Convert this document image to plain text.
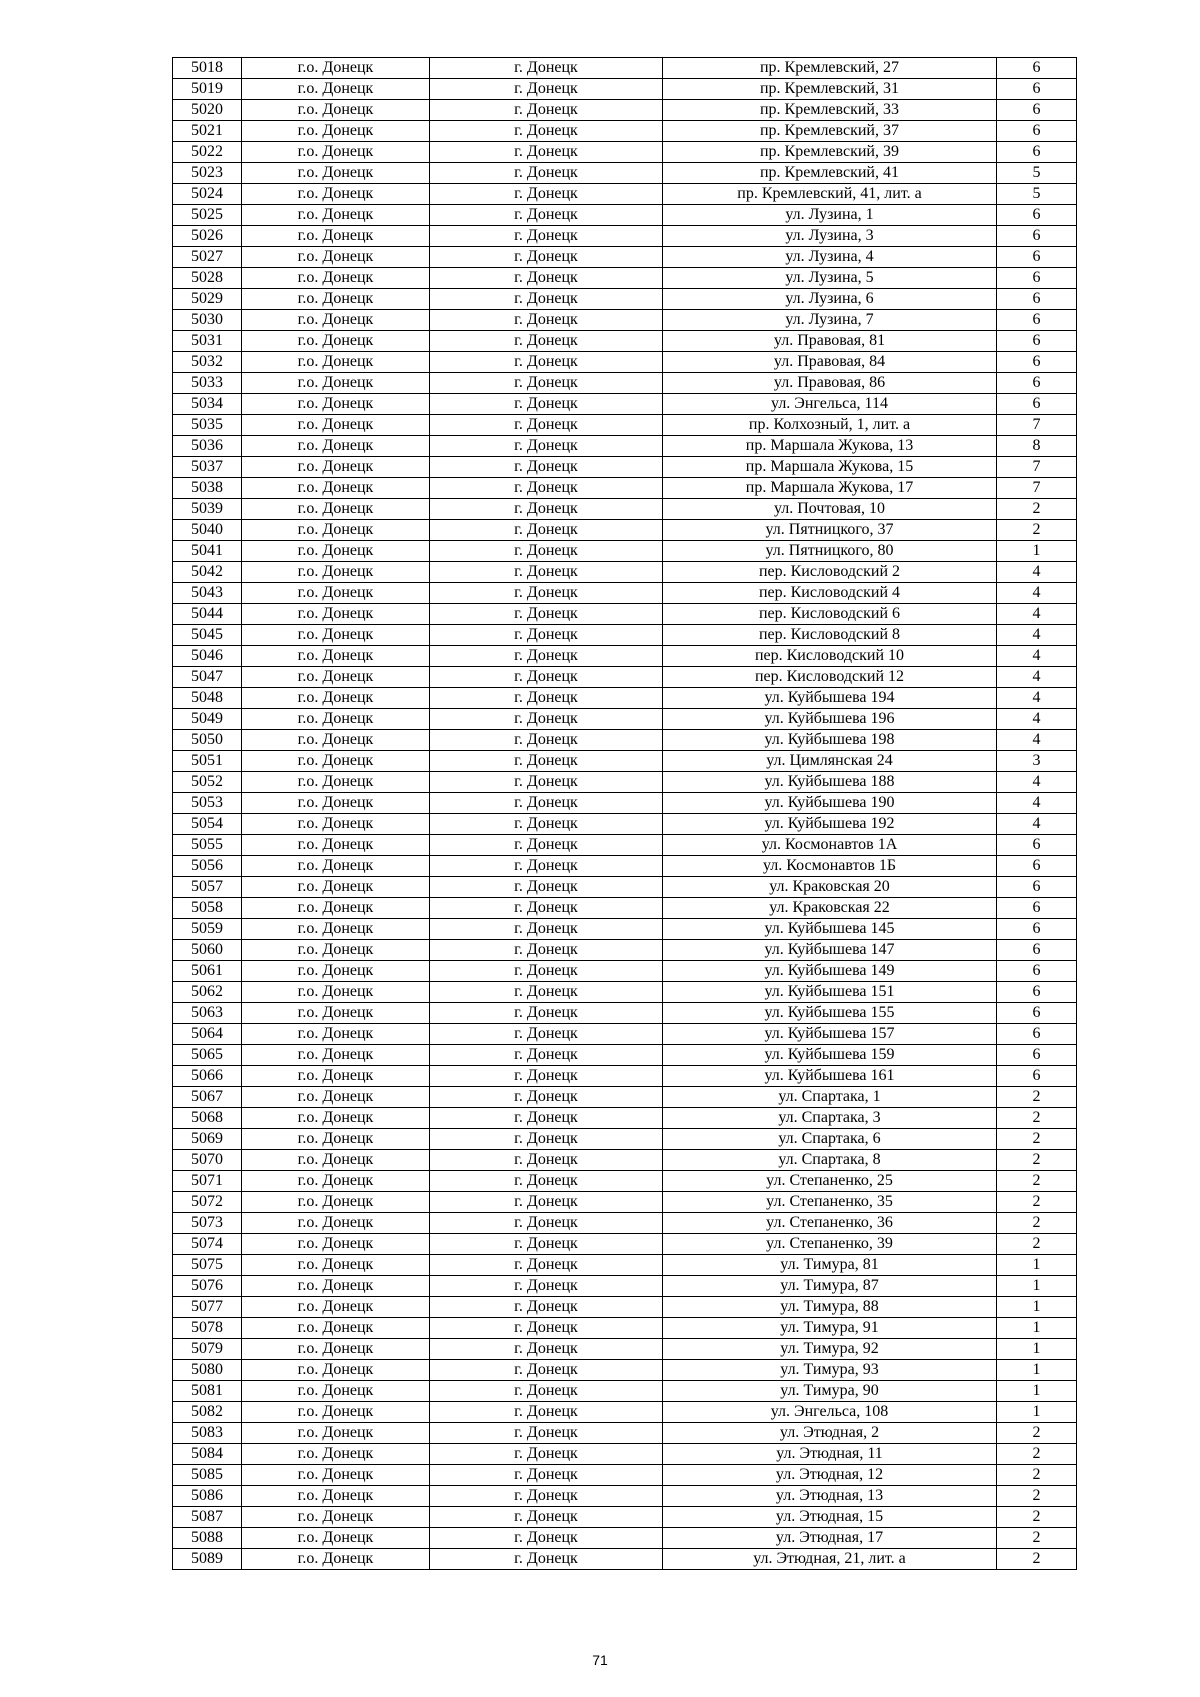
5018	г.о. Донецк	г. Донецк	пр. Кремлевский, 27	6
5019	г.о. Донецк	г. Донецк	пр. Кремлевский, 31	6
5020	г.о. Донецк	г. Донецк	пр. Кремлевский, 33	6
5021	г.о. Донецк	г. Донецк	пр. Кремлевский, 37	6
5022	г.о. Донецк	г. Донецк	пр. Кремлевский, 39	6
5023	г.о. Донецк	г. Донецк	пр. Кремлевский, 41	5
5024	г.о. Донецк	г. Донецк	пр. Кремлевский, 41, лит. а	5
5025	г.о. Донецк	г. Донецк	ул. Лузина, 1	6
5026	г.о. Донецк	г. Донецк	ул. Лузина, 3	6
5027	г.о. Донецк	г. Донецк	ул. Лузина, 4	6
5028	г.о. Донецк	г. Донецк	ул. Лузина, 5	6
5029	г.о. Донецк	г. Донецк	ул. Лузина, 6	6
5030	г.о. Донецк	г. Донецк	ул. Лузина, 7	6
5031	г.о. Донецк	г. Донецк	ул. Правовая, 81	6
5032	г.о. Донецк	г. Донецк	ул. Правовая, 84	6
5033	г.о. Донецк	г. Донецк	ул. Правовая, 86	6
5034	г.о. Донецк	г. Донецк	ул. Энгельса, 114	6
5035	г.о. Донецк	г. Донецк	пр. Колхозный, 1, лит. а	7
5036	г.о. Донецк	г. Донецк	пр. Маршала Жукова, 13	8
5037	г.о. Донецк	г. Донецк	пр. Маршала Жукова, 15	7
5038	г.о. Донецк	г. Донецк	пр. Маршала Жукова, 17	7
5039	г.о. Донецк	г. Донецк	ул. Почтовая, 10	2
5040	г.о. Донецк	г. Донецк	ул. Пятницкого, 37	2
5041	г.о. Донецк	г. Донецк	ул. Пятницкого, 80	1
5042	г.о. Донецк	г. Донецк	пер. Кисловодский 2	4
5043	г.о. Донецк	г. Донецк	пер. Кисловодский 4	4
5044	г.о. Донецк	г. Донецк	пер. Кисловодский 6	4
5045	г.о. Донецк	г. Донецк	пер. Кисловодский 8	4
5046	г.о. Донецк	г. Донецк	пер. Кисловодский 10	4
5047	г.о. Донецк	г. Донецк	пер. Кисловодский 12	4
5048	г.о. Донецк	г. Донецк	ул. Куйбышева 194	4
5049	г.о. Донецк	г. Донецк	ул. Куйбышева 196	4
5050	г.о. Донецк	г. Донецк	ул. Куйбышева 198	4
5051	г.о. Донецк	г. Донецк	ул. Цимлянская 24	3
5052	г.о. Донецк	г. Донецк	ул. Куйбышева 188	4
5053	г.о. Донецк	г. Донецк	ул. Куйбышева 190	4
5054	г.о. Донецк	г. Донецк	ул. Куйбышева 192	4
5055	г.о. Донецк	г. Донецк	ул. Космонавтов 1А	6
5056	г.о. Донецк	г. Донецк	ул. Космонавтов 1Б	6
5057	г.о. Донецк	г. Донецк	ул. Краковская 20	6
5058	г.о. Донецк	г. Донецк	ул. Краковская 22	6
5059	г.о. Донецк	г. Донецк	ул. Куйбышева 145	6
5060	г.о. Донецк	г. Донецк	ул. Куйбышева 147	6
5061	г.о. Донецк	г. Донецк	ул. Куйбышева 149	6
5062	г.о. Донецк	г. Донецк	ул. Куйбышева 151	6
5063	г.о. Донецк	г. Донецк	ул. Куйбышева 155	6
5064	г.о. Донецк	г. Донецк	ул. Куйбышева 157	6
5065	г.о. Донецк	г. Донецк	ул. Куйбышева 159	6
5066	г.о. Донецк	г. Донецк	ул. Куйбышева 161	6
5067	г.о. Донецк	г. Донецк	ул. Спартака, 1	2
5068	г.о. Донецк	г. Донецк	ул. Спартака, 3	2
5069	г.о. Донецк	г. Донецк	ул. Спартака, 6	2
5070	г.о. Донецк	г. Донецк	ул. Спартака, 8	2
5071	г.о. Донецк	г. Донецк	ул. Степаненко, 25	2
5072	г.о. Донецк	г. Донецк	ул. Степаненко, 35	2
5073	г.о. Донецк	г. Донецк	ул. Степаненко, 36	2
5074	г.о. Донецк	г. Донецк	ул. Степаненко, 39	2
5075	г.о. Донецк	г. Донецк	ул. Тимура, 81	1
5076	г.о. Донецк	г. Донецк	ул. Тимура, 87	1
5077	г.о. Донецк	г. Донецк	ул. Тимура, 88	1
5078	г.о. Донецк	г. Донецк	ул. Тимура, 91	1
5079	г.о. Донецк	г. Донецк	ул. Тимура, 92	1
5080	г.о. Донецк	г. Донецк	ул. Тимура, 93	1
5081	г.о. Донецк	г. Донецк	ул. Тимура, 90	1
5082	г.о. Донецк	г. Донецк	ул. Энгельса, 108	1
5083	г.о. Донецк	г. Донецк	ул. Этюдная, 2	2
5084	г.о. Донецк	г. Донецк	ул. Этюдная, 11	2
5085	г.о. Донецк	г. Донецк	ул. Этюдная, 12	2
5086	г.о. Донецк	г. Донецк	ул. Этюдная, 13	2
5087	г.о. Донецк	г. Донецк	ул. Этюдная, 15	2
5088	г.о. Донецк	г. Донецк	ул. Этюдная, 17	2
5089	г.о. Донецк	г. Донецк	ул. Этюдная, 21, лит. а	2
71
